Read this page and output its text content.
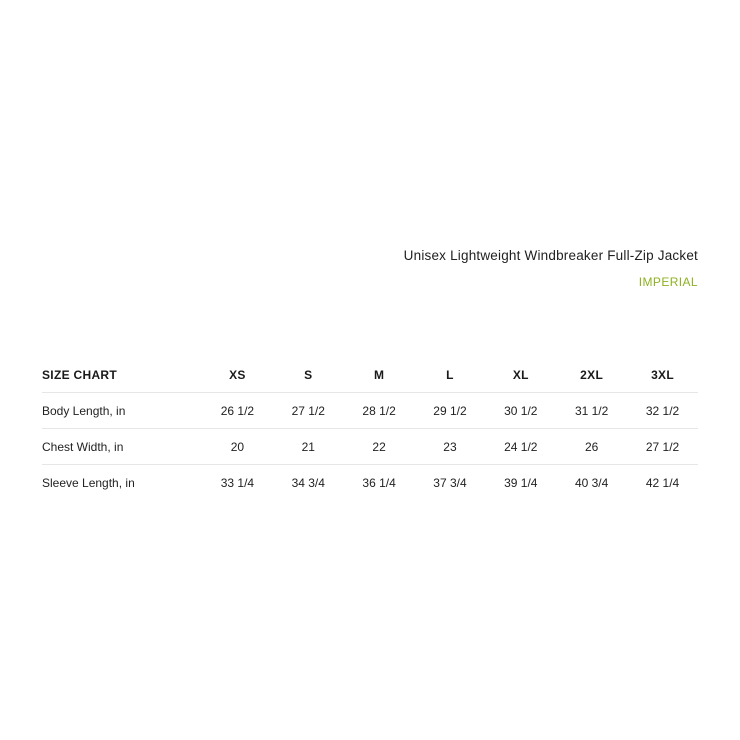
Unisex Lightweight Windbreaker Full-Zip Jacket
IMPERIAL
SIZE CHART	XS	S	M	L	XL	2XL	3XL
Body Length, in	26 1/2	27 1/2	28 1/2	29 1/2	30 1/2	31 1/2	32 1/2
Chest Width, in	20	21	22	23	24 1/2	26	27 1/2
Sleeve Length, in	33 1/4	34 3/4	36 1/4	37 3/4	39 1/4	40 3/4	42 1/4
